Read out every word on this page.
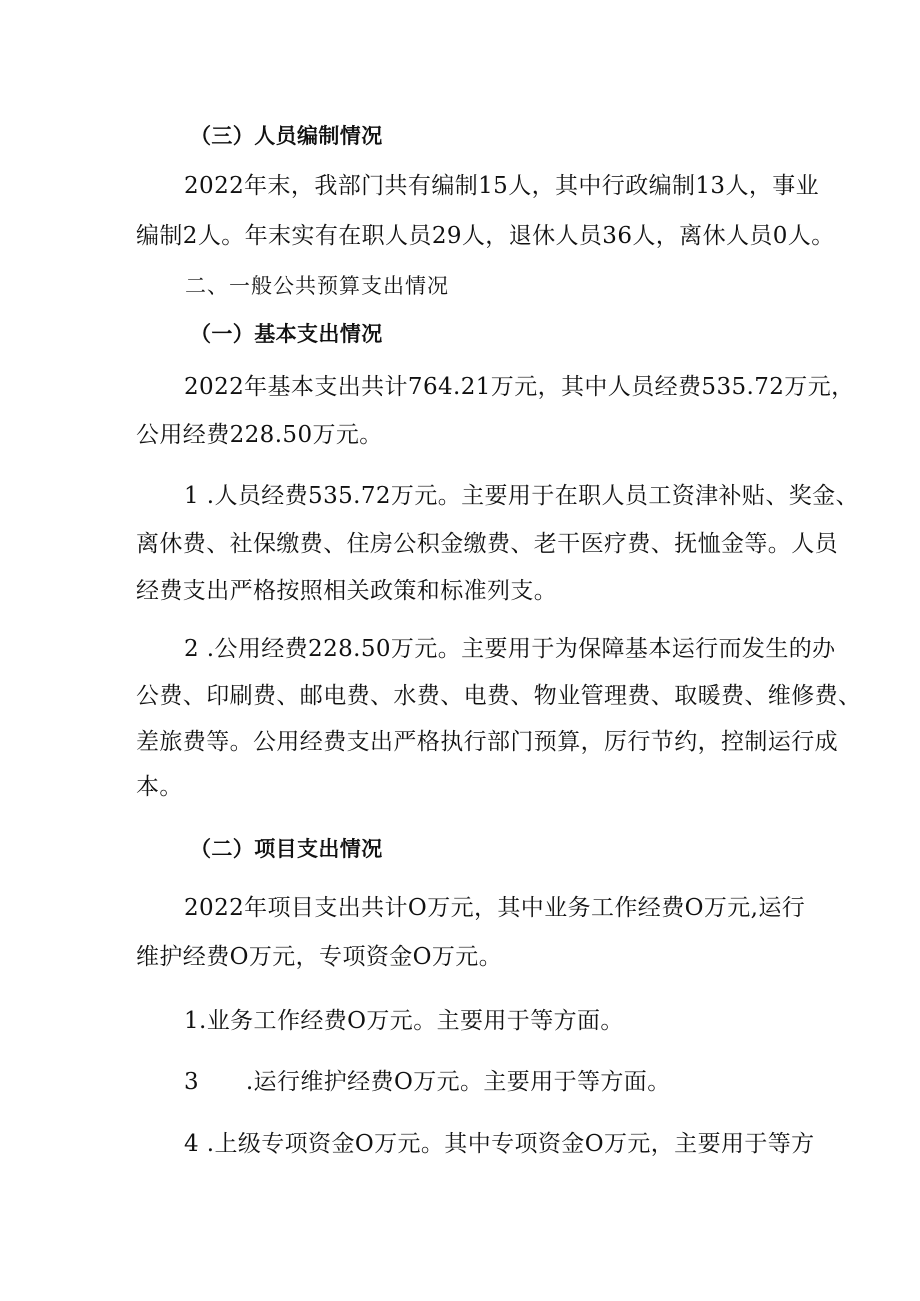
（三）人员编制情况
2022年末，我部门共有编制15人，其中行政编制13人，事业
编制2人。年末实有在职人员29人，退休人员36人，离休人员0人。
二、一般公共预算支出情况
（一）基本支出情况
2022年基本支出共计764.21万元，其中人员经费535.72万元，
公用经费228.50万元。
1 .人员经费535.72万元。主要用于在职人员工资津补贴、奖金、
离休费、社保缴费、住房公积金缴费、老干医疗费、抚恤金等。人员
经费支出严格按照相关政策和标准列支。
2 .公用经费228.50万元。主要用于为保障基本运行而发生的办
公费、印刷费、邮电费、水费、电费、物业管理费、取暖费、维修费、
差旅费等。公用经费支出严格执行部门预算，厉行节约，控制运行成
本。
（二）项目支出情况
2022年项目支出共计O万元，其中业务工作经费O万元,运行
维护经费O万元，专项资金O万元。
1.业务工作经费O万元。主要用于等方面。
3　　.运行维护经费O万元。主要用于等方面。
4 .上级专项资金O万元。其中专项资金O万元，主要用于等方
